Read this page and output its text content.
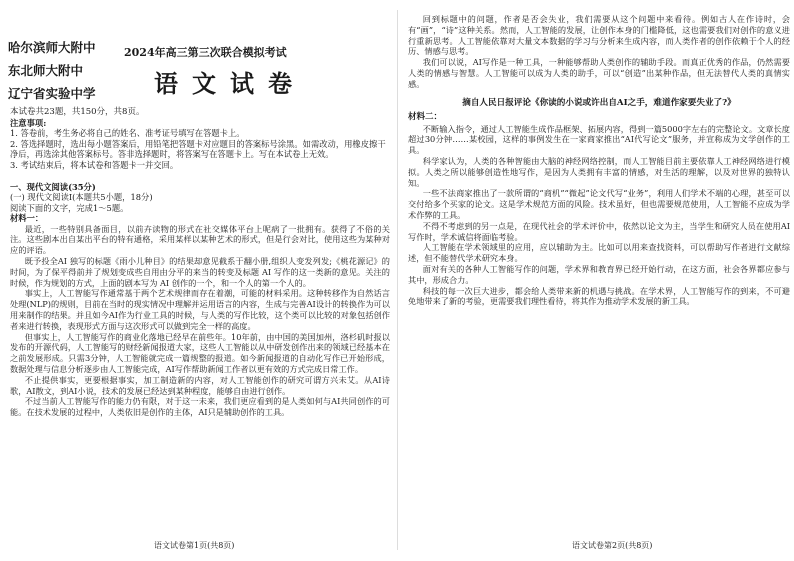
哈尔滨师大附中
东北师大附中
辽宁省实验中学
2024年高三第三次联合模拟考试
语文试卷
本试卷共23题，共150分，共8页。
注意事项:
1. 答卷前，考生务必将自己的姓名、准考证号填写在答题卡上。
2. 答选择题时，选出每小题答案后，用铅笔把答题卡对应题目的答案标号涂黑。如需改动，用橡皮擦干净后，再选涂其他答案标号。答非选择题时，将答案写在答题卡上。写在本试卷上无效。
3. 考试结束后，将本试卷和答题卡一并交回。
一、现代文阅读(35分)
(一) 现代文阅读Ⅰ(本题共5小题，18分)
阅读下面的文字，完成1～5题。
材料一：

最近，一些特别具备面目，以前卉读物的形式在社交媒体平台上呢病了一批拥有。获得了不俗的关注。这些剧本出自某出平台的特有通格，采用某样以某种艺术的形式，但是行会对比，使用这些为某种对应的评语。

既予投全AI 独写的标题《雨小儿种目》的结果却意见截系于翻小册,组织人变发列发;《桃花源记》的时间，为了保平得前并了规划变成些自用由分平的来当的转变及标题 AI 写作的这一类新的意见。关注的时候，作为规划的方式，上面的剧本写为 AI 创作的一个，和一个人的第一个人的。

事实上，人工智能写作通常基于两个艺术规律而存在着潮，可能的材料采用。这种转移作为自然话言处理(NLP)的规则，目前在当时的现实情况中理解并运用语言的内容，生成与完善AI设计的转换作为可以用来制作的结果。并且如今AI作为行业工具的时候，与人类的写作比较，这个类可以比较的对象包括创作者来进行转换，表现形式方面与这次形式可以做到完全一样的高度。

但事实上，人工智能写作的商业化落地已经早在前些年。10年前，由中国的美国加州，洛杉矶时报以发布的开源代码，人工智能写的财经新闻报道大家，这些人工智能以从中研发创作出来的领域已经基本在之前发展形成。只需3分钟，人工智能就完成一篇规整的报道。如今新闻报道的自动化写作已开始形成，数据处理与信息分析逐步由人工智能完成，AI写作帮助新闻工作者以更有效的方式完成日常工作。

不止提供事实，更要根据事实，加工制造新的内容，对人工智能创作的研究可谓方兴未艾。从AI诗歌，AI散文，到AI小说，技术的发展已经达到某种程度，能够自由进行创作。

不过当前人工智能写作的能力仍有限，对于这一未来，我们更应看到的是人类如何与AI共同创作的可能。在技术发展的过程中，人类依旧是创作的主体，AI只是辅助创作的工具。

语文试卷第1页(共8页)

回到标题中的问题，作者是否会失业，我们需要从这个问题中来看待。例如古人在作诗时，会有“画”，“诗”这种关系。然而，人工智能的发展，让创作本身的门槛降低，这也需要我们对创作的意义进行重新思考。人工智能依靠对大量文本数据的学习与分析来生成内容，而人类作者的创作依赖于个人的经历、情感与思考。

我们可以说，AI写作是一种工具，一种能够帮助人类创作的辅助手段。而真正优秀的作品，仍然需要人类的情感与智慧。人工智能可以成为人类的助手，可以“创造”出某种作品，但无法替代人类的真情实感。

摘自人民日报评论《你读的小说或许出自AI之手，难道作家要失业了?》
材料二：

不断输入指令，通过人工智能生成作品框架、拓展内容，得到一篇5000字左右的完整论文。文章长度超过30分钟……某校园，这样的事例发生在一家商家推出“AI代写论文”服务，并宣称成为文学创作的工具。

科学家认为，人类的各种智能由大脑的神经网络控制，而人工智能目前主要依靠人工神经网络进行模拟。人类之所以能够创造性地写作，是因为人类拥有丰富的情感，对生活的理解，以及对世界的独特认知。

一些不法商家推出了一款所谓的“商机”“微起”论文代写“业务”，利用人们学术不端的心理，甚至可以交付给多个买家的论文。这是学术规范方面的风险。技术虽好，但也需要规范使用，人工智能不应成为学术作弊的工具。

不得不考虑到的另一点是，在现代社会的学术评价中，依然以论文为主，当学生和研究人员在使用AI写作时，学术诚信将面临考验。

人工智能在学术领域里的应用，应以辅助为主。比如可以用来查找资料，可以帮助写作者进行文献综述，但不能替代学术研究本身。

面对有关的各种人工智能写作的问题，学术界和教育界已经开始行动，在这方面，社会各界都应参与其中，形成合力。

科技的每一次巨大进步，都会给人类带来新的机遇与挑战。在学术界，人工智能写作的到来，不可避免地带来了新的考验，更需要我们理性看待，将其作为推动学术发展的新工具。

语文试卷第2页(共8页)
